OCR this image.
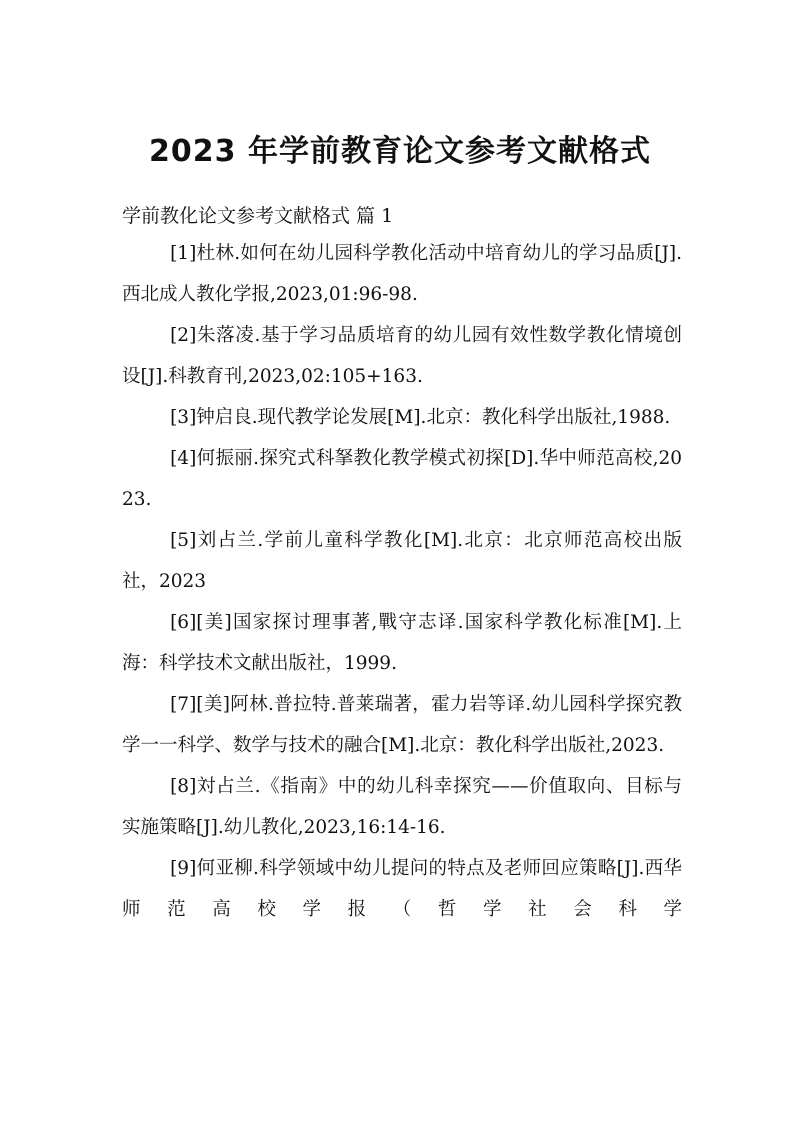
2023 年学前教育论文参考文献格式

学前教化论文参考文献格式 篇 1

[1]杜林.如何在幼儿园科学教化活动中培育幼儿的学习品质[J].西北成人教化学报,2023,01:96-98.
[2]朱落凌.基于学习品质培育的幼儿园有效性数学教化情境创设[J].科教育刊,2023,02:105+163.
[3]钟启良.现代教学论发展[M].北京：教化科学出版社,1988.
[4]何振丽.探究式科拏教化教学模式初探[D].华中师范高校,2023.
[5]刘占兰.学前儿童科学教化[M].北京：北京师范高校出版社，2023
[6][美]国家探讨理事著,戰守志译.国家科学教化标准[M].上海：科学技术文献出版社，1999.
[7][美]阿林.普拉特.普莱瑞著，霍力岩等译.幼儿园科学探究教学一一科学、数学与技术的融合[M].北京：教化科学出版社,2023.
[8]対占兰.《指南》中的幼儿科幸探究——价值取向、目标与实施策略[J].幼儿教化,2023,16:14-16.
[9]何亚柳.科学领域中幼儿提问的特点及老师回应策略[J].西华师范高校学报（哲学社会科学
